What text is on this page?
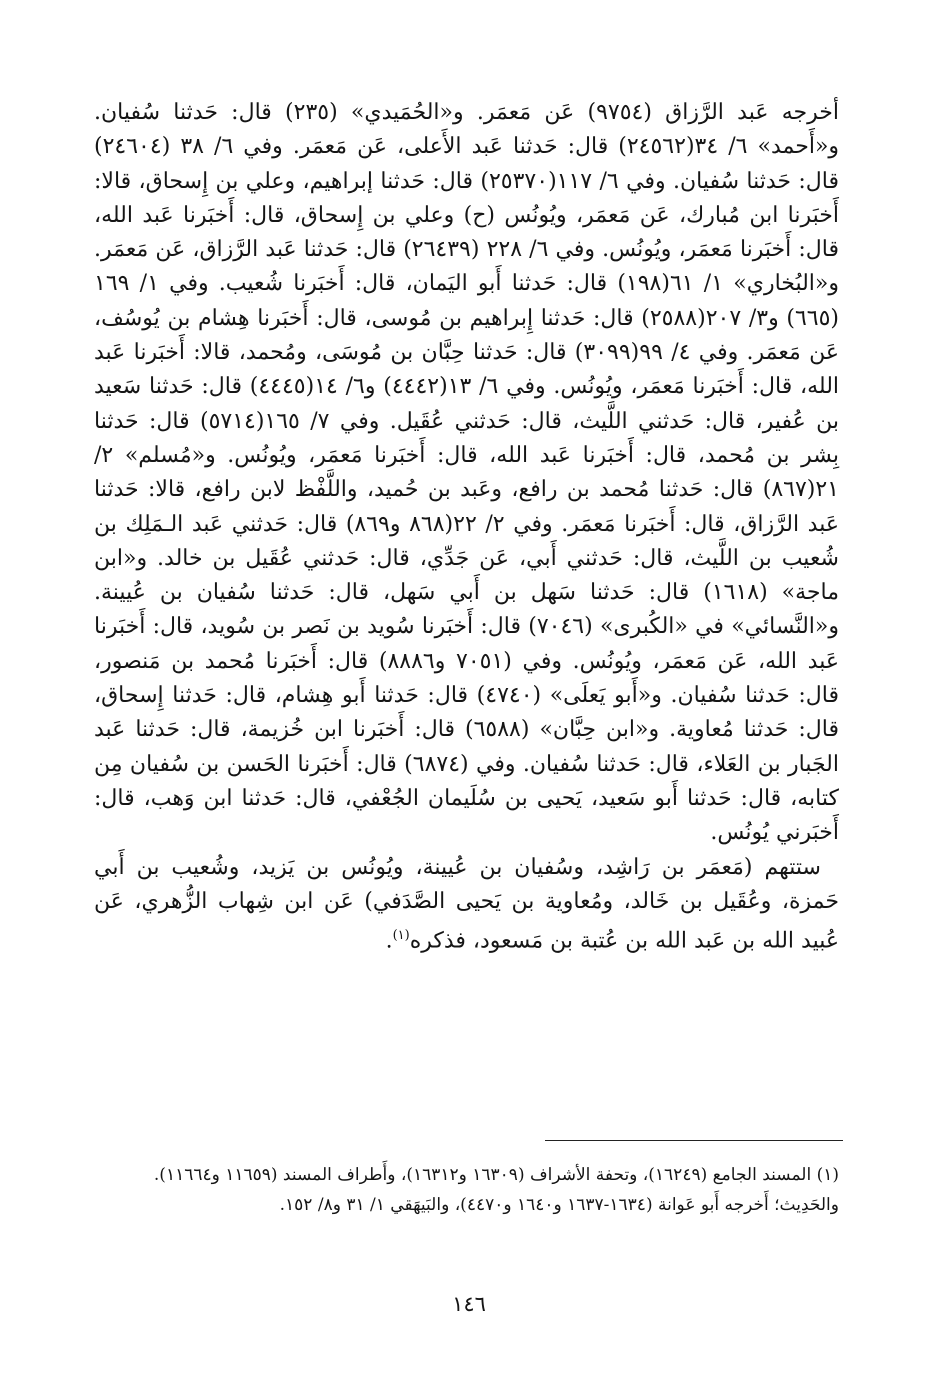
أخرجه عَبد الرَّزاق (٩٧٥٤) عَن مَعمَر. و«الحُمَيدي» (٢٣٥) قال: حَدثنا سُفيان. و«أَحمد» ٦/ ٣٤(٢٤٥٦٢) قال: حَدثنا عَبد الأَعلى، عَن مَعمَر. وفي ٦/ ٣٨ (٢٤٦٠٤) قال: حَدثنا سُفيان. وفي ٦/ ١١٧(٢٥٣٧٠) قال: حَدثنا إبراهيم، وعلي بن إِسحاق، قالا: أَخبَرنا ابن مُبارك، عَن مَعمَر، ويُونُس (ح) وعلي بن إِسحاق، قال: أَخبَرنا عَبد الله، قال: أَخبَرنا مَعمَر، ويُونُس. وفي ٦/ ٢٢٨ (٢٦٤٣٩) قال: حَدثنا عَبد الرَّزاق، عَن مَعمَر. و«البُخاري» ١/ ٦١(١٩٨) قال: حَدثنا أَبو اليَمان، قال: أَخبَرنا شُعيب. وفي ١/ ١٦٩ (٦٦٥) و٣/ ٢٠٧(٢٥٨٨) قال: حَدثنا إِبراهيم بن مُوسى، قال: أَخبَرنا هِشام بن يُوسُف، عَن مَعمَر. وفي ٤/ ٩٩(٣٠٩٩) قال: حَدثنا حِبَّان بن مُوسَى، ومُحمد، قالا: أَخبَرنا عَبد الله، قال: أَخبَرنا مَعمَر، ويُونُس. وفي ٦/ ١٣(٤٤٤٢) و٦/ ١٤(٤٤٤٥) قال: حَدثنا سَعيد بن عُفير، قال: حَدثني اللَّيث، قال: حَدثني عُقَيل. وفي ٧/ ١٦٥(٥٧١٤) قال: حَدثنا بِشر بن مُحمد، قال: أَخبَرنا عَبد الله، قال: أَخبَرنا مَعمَر، ويُونُس. و«مُسلم» ٢/ ٢١(٨٦٧) قال: حَدثنا مُحمد بن رافع، وعَبد بن حُميد، واللَّفْظ لابن رافع، قالا: حَدثنا عَبد الرَّزاق، قال: أَخبَرنا مَعمَر. وفي ٢/ ٢٢(٨٦٨ و٨٦٩) قال: حَدثني عَبد الـمَلِك بن شُعيب بن اللَّيث، قال: حَدثني أَبي، عَن جَدِّي، قال: حَدثني عُقَيل بن خالد. و«ابن ماجة» (١٦١٨) قال: حَدثنا سَهل بن أَبي سَهل، قال: حَدثنا سُفيان بن عُيينة. و«النَّسائي» في «الكُبرى» (٧٠٤٦) قال: أَخبَرنا سُويد بن نَصر بن سُويد، قال: أَخبَرنا عَبد الله، عَن مَعمَر، ويُونُس. وفي (٧٠٥١ و٨٨٨٦) قال: أَخبَرنا مُحمد بن مَنصور، قال: حَدثنا سُفيان. و«أَبو يَعلَى» (٤٧٤٠) قال: حَدثنا أَبو هِشام، قال: حَدثنا إِسحاق، قال: حَدثنا مُعاوية. و«ابن حِبَّان» (٦٥٨٨) قال: أَخبَرنا ابن خُزيمة، قال: حَدثنا عَبد الجَبار بن العَلاء، قال: حَدثنا سُفيان. وفي (٦٨٧٤) قال: أَخبَرنا الحَسن بن سُفيان مِن كتابه، قال: حَدثنا أَبو سَعيد، يَحيى بن سُلَيمان الجُعْفي، قال: حَدثنا ابن وَهب، قال: أَخبَرني يُونُس.

ستتهم (مَعمَر بن رَاشِد، وسُفيان بن عُيينة، ويُونُس بن يَزيد، وشُعيب بن أَبي حَمزة، وعُقَيل بن خَالد، ومُعاوية بن يَحيى الصَّدَفي) عَن ابن شِهاب الزُّهري، عَن عُبيد الله بن عَبد الله بن عُتبة بن مَسعود، فذكره$^{(١)}$.

(١) المسند الجامع (١٦٢٤٩)، وتحفة الأشراف (١٦٣٠٩ و١٦٣١٢)، وأَطراف المسند (١١٦٥٩ و١١٦٦٤).

والحَدِيث؛ أَخرجه أَبو عَوانة (١٦٣٤-١٦٣٧ و١٦٤٠ و٤٤٧٠)، والبَيهَقي ١/ ٣١ و٨/ ١٥٢.

١٤٦
